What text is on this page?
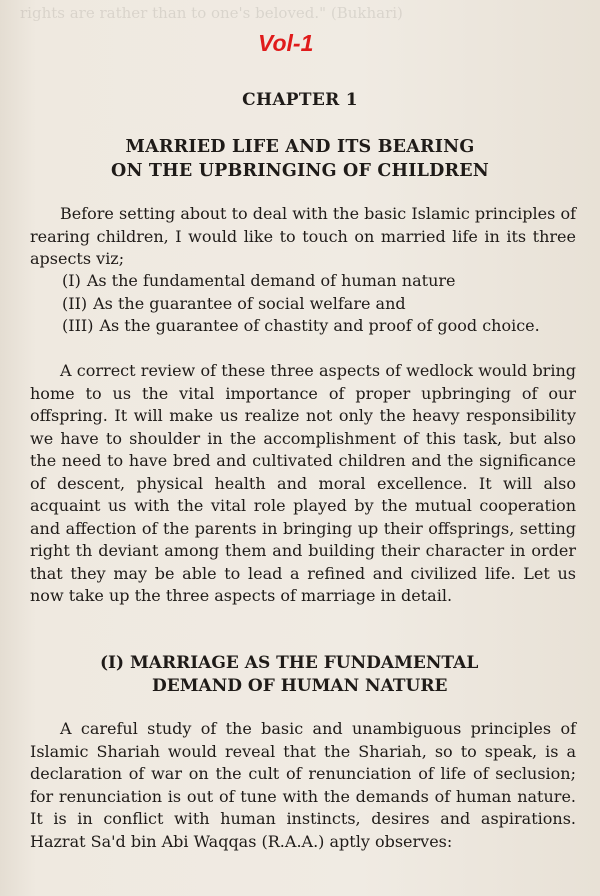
rights are rather than to one's beloved." (Bukhari)
Vol-1
CHAPTER 1
MARRIED LIFE AND ITS BEARING
ON THE UPBRINGING OF CHILDREN

Before setting about to deal with the basic Islamic principles of rearing children, I would like to touch on married life in its three apsects viz;

(I) As the fundamental demand of human nature
(II) As the guarantee of social welfare and
(III) As the guarantee of chastity and proof of good choice.

A correct review of these three aspects of wedlock would bring home to us the vital importance of proper upbringing of our offspring. It will make us realize not only the heavy responsibility we have to shoulder in the accomplishment of this task, but also the need to have bred and cultivated children and the significance of descent, physical health and moral excellence. It will also acquaint us with the vital role played by the mutual cooperation and affection of the parents in bringing up their offsprings, setting right th deviant among them and building their character in order that they may be able to lead a refined and civilized life. Let us now take up the three aspects of marriage in detail.

(I) MARRIAGE AS THE FUNDAMENTAL
DEMAND OF HUMAN NATURE

A careful study of the basic and unambiguous principles of Islamic Shariah would reveal that the Shariah, so to speak, is a declaration of war on the cult of renunciation of life of seclusion; for renunciation is out of tune with the demands of human nature. It is in conflict with human instincts, desires and aspirations. Hazrat Sa'd bin Abi Waqqas (R.A.A.) aptly observes:
